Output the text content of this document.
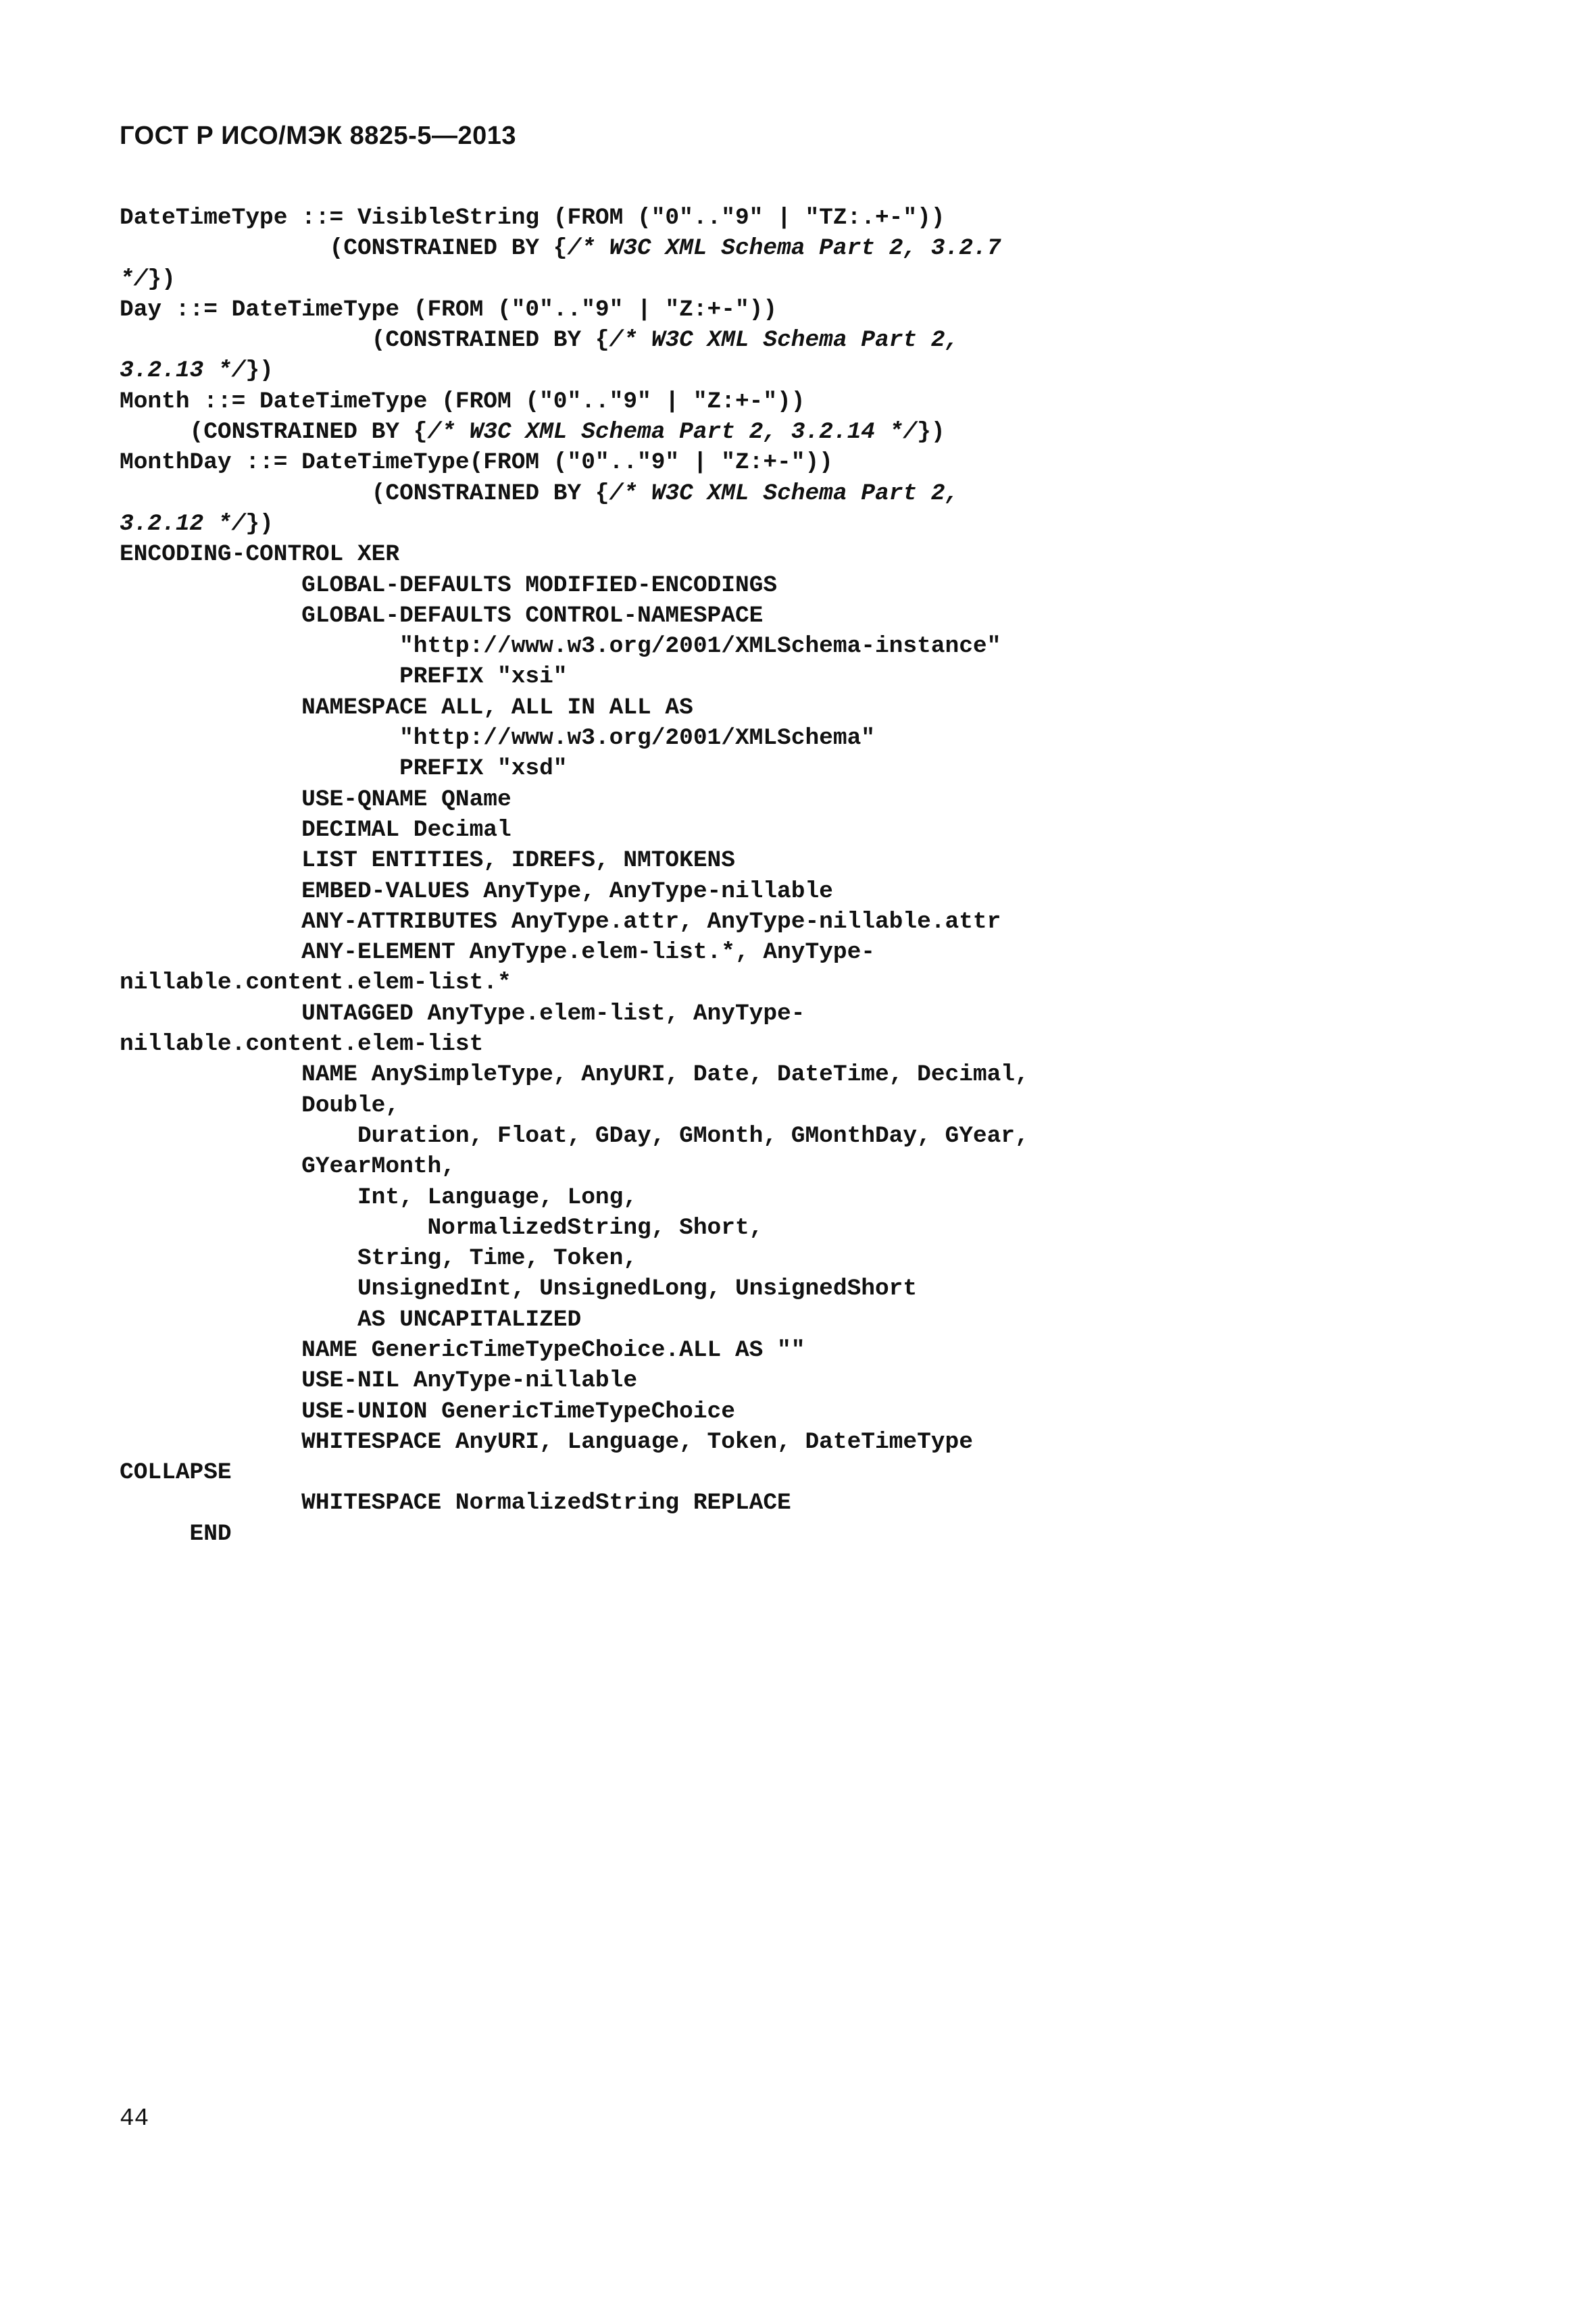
ГОСТ Р ИСО/МЭК 8825-5—2013
DateTimeType ::= VisibleString (FROM ("0".."9" | "TZ:.+-"))
(CONSTRAINED BY {/* W3C XML Schema Part 2, 3.2.7
*/})
Day ::= DateTimeType (FROM ("0".."9" | "Z:+-"))
(CONSTRAINED BY {/* W3C XML Schema Part 2,
3.2.13 */})
Month ::= DateTimeType (FROM ("0".."9" | "Z:+-"))
(CONSTRAINED BY {/* W3C XML Schema Part 2, 3.2.14 */})
MonthDay ::= DateTimeType(FROM ("0".."9" | "Z:+-"))
(CONSTRAINED BY {/* W3C XML Schema Part 2,
3.2.12 */})
ENCODING-CONTROL XER
GLOBAL-DEFAULTS MODIFIED-ENCODINGS
GLOBAL-DEFAULTS CONTROL-NAMESPACE
"http://www.w3.org/2001/XMLSchema-instance"
PREFIX "xsi"
NAMESPACE ALL, ALL IN ALL AS
"http://www.w3.org/2001/XMLSchema"
PREFIX "xsd"
USE-QNAME QName
DECIMAL Decimal
LIST ENTITIES, IDREFS, NMTOKENS
EMBED-VALUES AnyType, AnyType-nillable
ANY-ATTRIBUTES AnyType.attr, AnyType-nillable.attr
ANY-ELEMENT AnyType.elem-list.*, AnyType-
nillable.content.elem-list.*
UNTAGGED AnyType.elem-list, AnyType-
nillable.content.elem-list
NAME AnySimpleType, AnyURI, Date, DateTime, Decimal,
Double,
Duration, Float, GDay, GMonth, GMonthDay, GYear,
GYearMonth,
Int, Language, Long,
NormalizedString, Short,
String, Time, Token,
UnsignedInt, UnsignedLong, UnsignedShort
AS UNCAPITALIZED
NAME GenericTimeTypeChoice.ALL AS ""
USE-NIL AnyType-nillable
USE-UNION GenericTimeTypeChoice
WHITESPACE AnyURI, Language, Token, DateTimeType
COLLAPSE
WHITESPACE NormalizedString REPLACE
END
44
